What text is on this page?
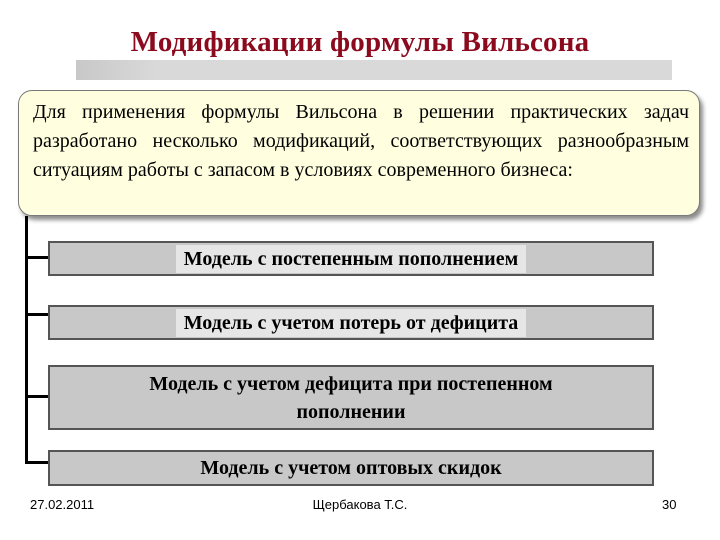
Модификации формулы Вильсона
Для применения формулы Вильсона в решении практических задач разработано несколько модификаций, соответствующих разнообразным ситуациям работы с запасом в условиях современного бизнеса:
Модель с постепенным пополнением
Модель с учетом потерь от дефицита
Модель с учетом дефицита при постепенном пополнении
Модель с учетом оптовых скидок
27.02.2011	Щербакова Т.С.	30
